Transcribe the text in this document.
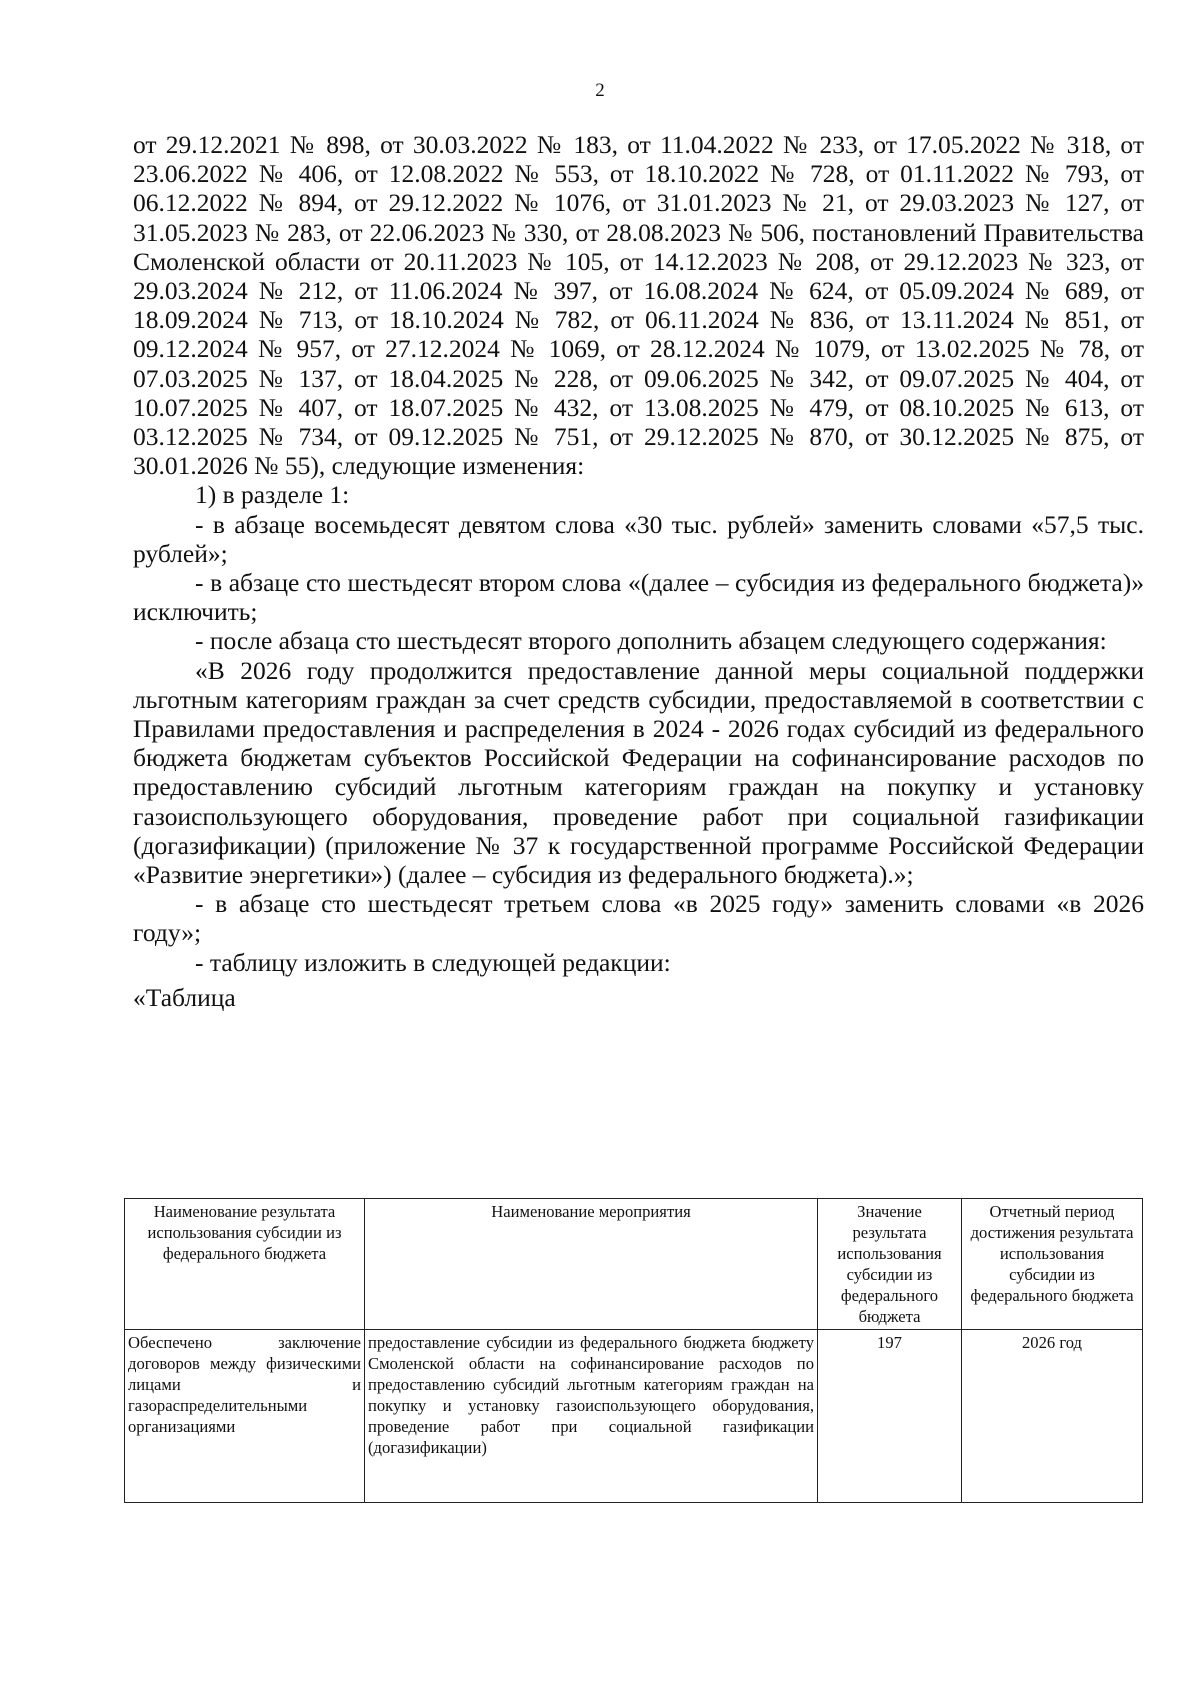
2

от 29.12.2021 № 898, от 30.03.2022 № 183, от 11.04.2022 № 233, от 17.05.2022 № 318, от 23.06.2022 № 406, от 12.08.2022 № 553, от 18.10.2022 № 728, от 01.11.2022 № 793, от 06.12.2022 № 894, от 29.12.2022 № 1076, от 31.01.2023 № 21, от 29.03.2023 № 127, от 31.05.2023 № 283, от 22.06.2023 № 330, от 28.08.2023 № 506, постановлений Правительства Смоленской области от 20.11.2023 № 105, от 14.12.2023 № 208, от 29.12.2023 № 323, от 29.03.2024 № 212, от 11.06.2024 № 397, от 16.08.2024 № 624, от 05.09.2024 № 689, от 18.09.2024 № 713, от 18.10.2024 № 782, от 06.11.2024 № 836, от 13.11.2024 № 851, от 09.12.2024 № 957, от 27.12.2024 № 1069, от 28.12.2024 № 1079, от 13.02.2025 № 78, от 07.03.2025 № 137, от 18.04.2025 № 228, от 09.06.2025 № 342, от 09.07.2025 № 404, от 10.07.2025 № 407, от 18.07.2025 № 432, от 13.08.2025 № 479, от 08.10.2025 № 613, от 03.12.2025 № 734, от 09.12.2025 № 751, от 29.12.2025 № 870, от 30.12.2025 № 875, от 30.01.2026 № 55), следующие изменения:

1) в разделе 1:

- в абзаце восемьдесят девятом слова «30 тыс. рублей» заменить словами «57,5 тыс. рублей»;

- в абзаце сто шестьдесят втором слова «(далее – субсидия из федерального бюджета)» исключить;

- после абзаца сто шестьдесят второго дополнить абзацем следующего содержания:

«В 2026 году продолжится предоставление данной меры социальной поддержки льготным категориям граждан за счет средств субсидии, предоставляемой в соответствии с Правилами предоставления и распределения в 2024 - 2026 годах субсидий из федерального бюджета бюджетам субъектов Российской Федерации на софинансирование расходов по предоставлению субсидий льготным категориям граждан на покупку и установку газоиспользующего оборудования, проведение работ при социальной газификации (догазификации) (приложение № 37 к государственной программе Российской Федерации «Развитие энергетики») (далее – субсидия из федерального бюджета).»;

- в абзаце сто шестьдесят третьем слова «в 2025 году» заменить словами «в 2026 году»;

- таблицу изложить в следующей редакции:

«Таблица

Наименование результата использования субсидии из федерального бюджета	Наименование мероприятия	Значение результата использования субсидии из федерального бюджета	Отчетный период достижения результата использования субсидии из федерального бюджета
Обеспечено заключение договоров между физическими лицами и газораспределительными организациями	предоставление субсидии из федерального бюджета бюджету Смоленской области на софинансирование расходов по предоставлению субсидий льготным категориям граждан на покупку и установку газоиспользующего оборудования, проведение работ при социальной газификации (догазификации)	197	2026 год
